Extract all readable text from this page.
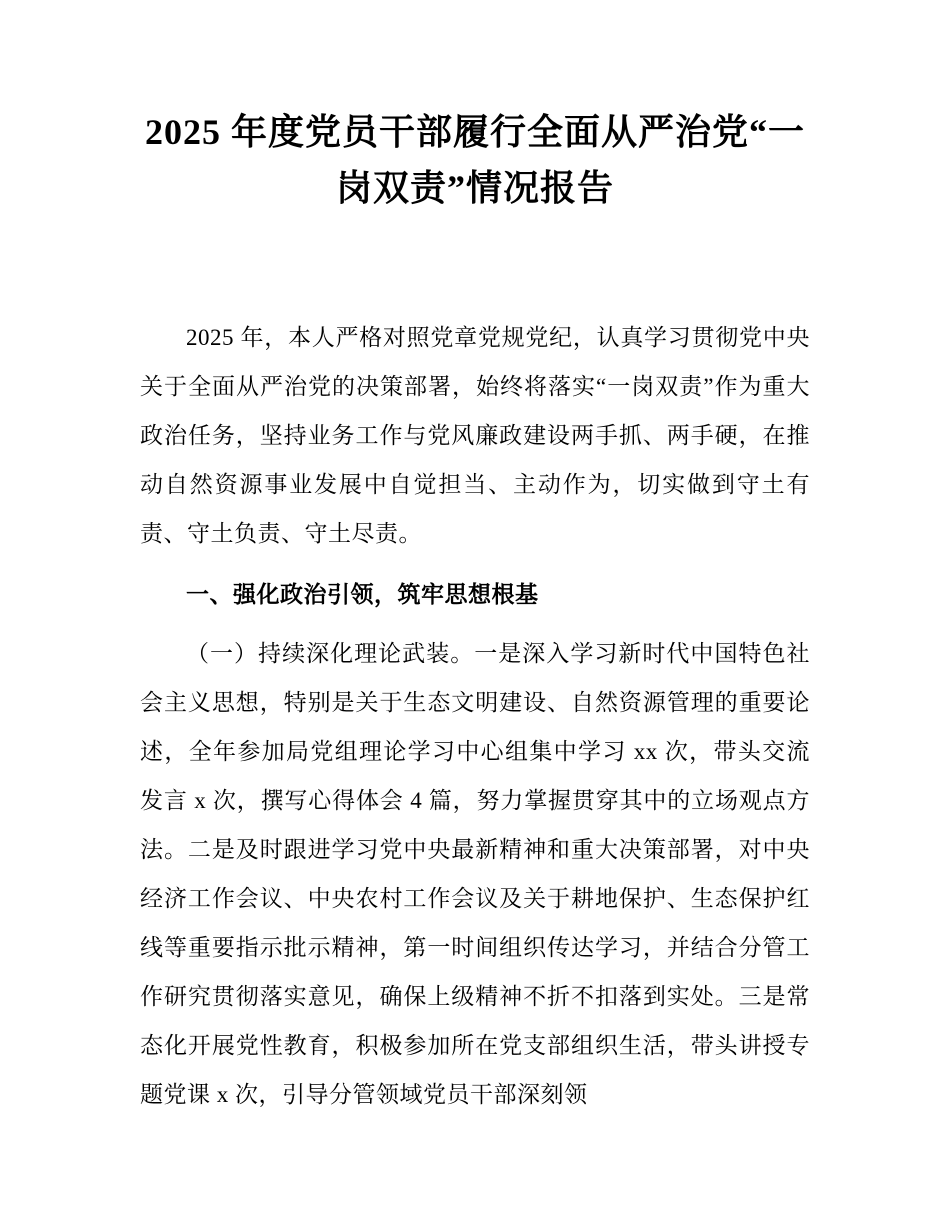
2025 年度党员干部履行全面从严治党“一岗双责”情况报告

2025 年，本人严格对照党章党规党纪，认真学习贯彻党中央关于全面从严治党的决策部署，始终将落实“一岗双责”作为重大政治任务，坚持业务工作与党风廉政建设两手抓、两手硬，在推动自然资源事业发展中自觉担当、主动作为，切实做到守土有责、守土负责、守土尽责。

一、强化政治引领，筑牢思想根基

（一）持续深化理论武装。一是深入学习新时代中国特色社会主义思想，特别是关于生态文明建设、自然资源管理的重要论述，全年参加局党组理论学习中心组集中学习 xx 次，带头交流发言 x 次，撰写心得体会 4 篇，努力掌握贯穿其中的立场观点方法。二是及时跟进学习党中央最新精神和重大决策部署，对中央经济工作会议、中央农村工作会议及关于耕地保护、生态保护红线等重要指示批示精神，第一时间组织传达学习，并结合分管工作研究贯彻落实意见，确保上级精神不折不扣落到实处。三是常态化开展党性教育，积极参加所在党支部组织生活，带头讲授专题党课 x 次，引导分管领域党员干部深刻领
